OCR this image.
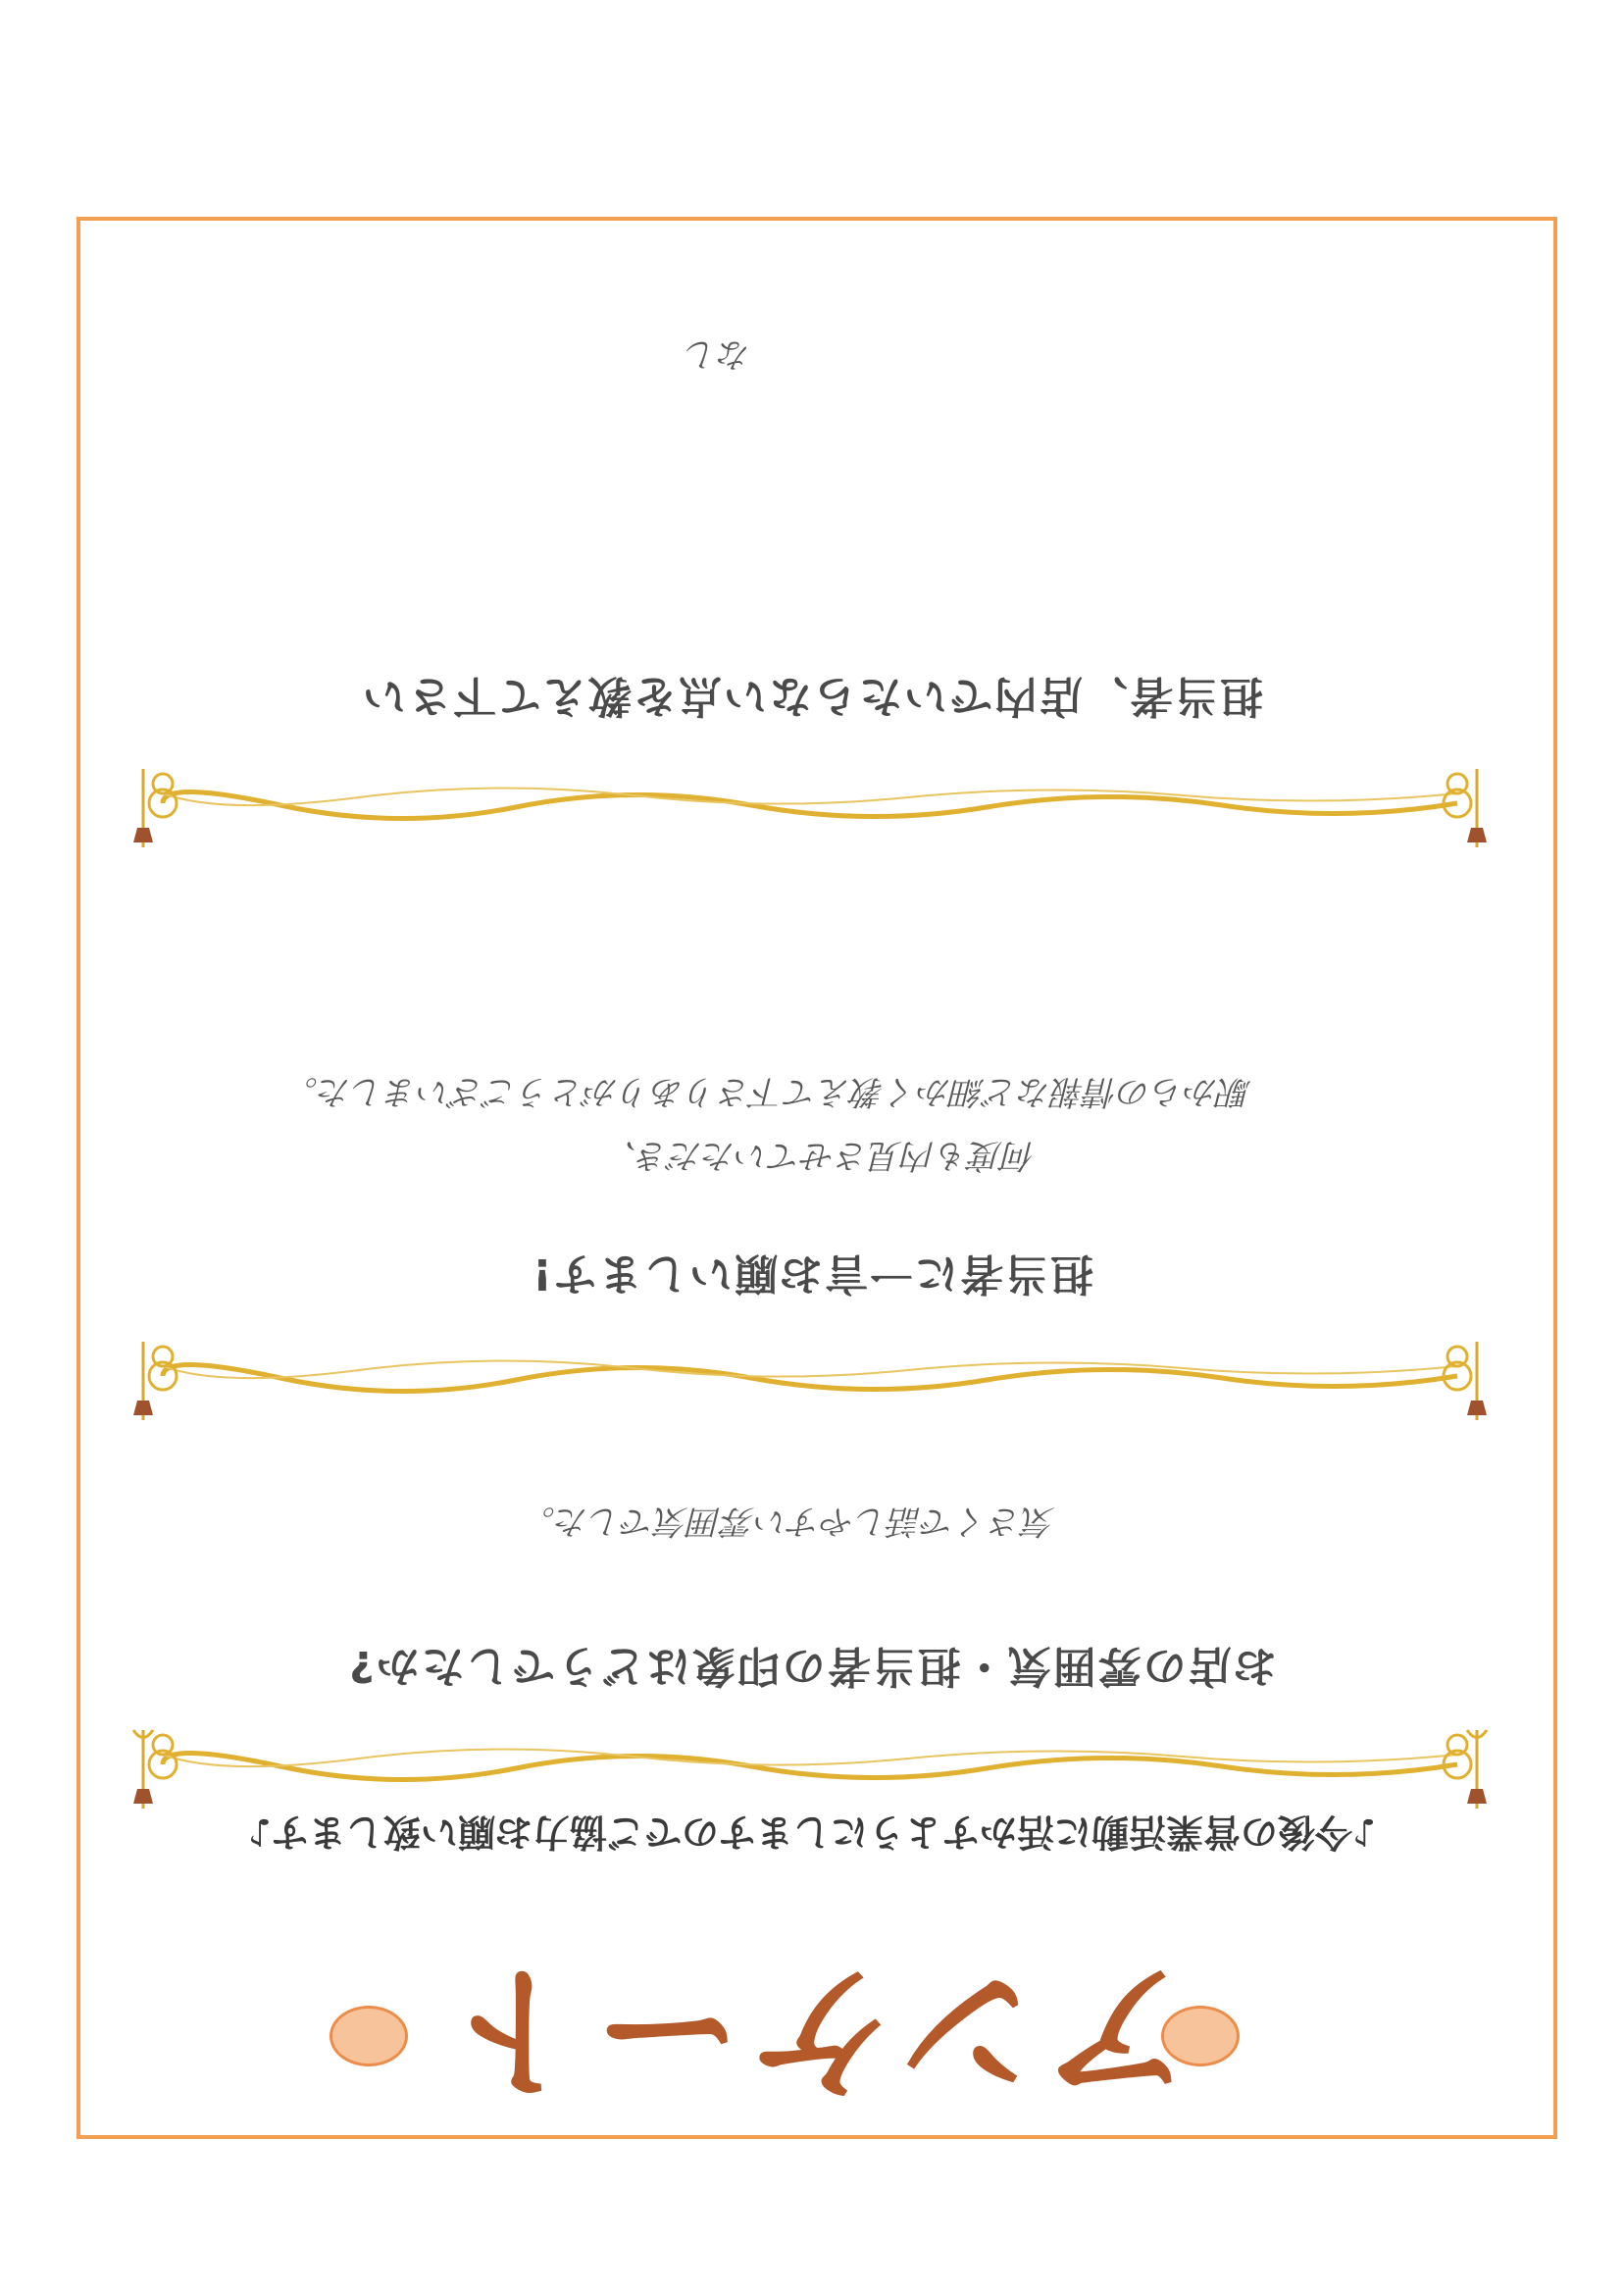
アンケート
♪今後の営業活動に活かすようにしますのでご協力お願い致します♪
お店の雰囲気・担当者の印象はどうでしたか?
気さくで話しやすい雰囲気でした。
担当者に一言お願いします!
何度も内見させていただき、
駅からの情報など細かく教えて下さりありがとうございました。
担当者、店内でいたらない点を教えて下さい
なし
